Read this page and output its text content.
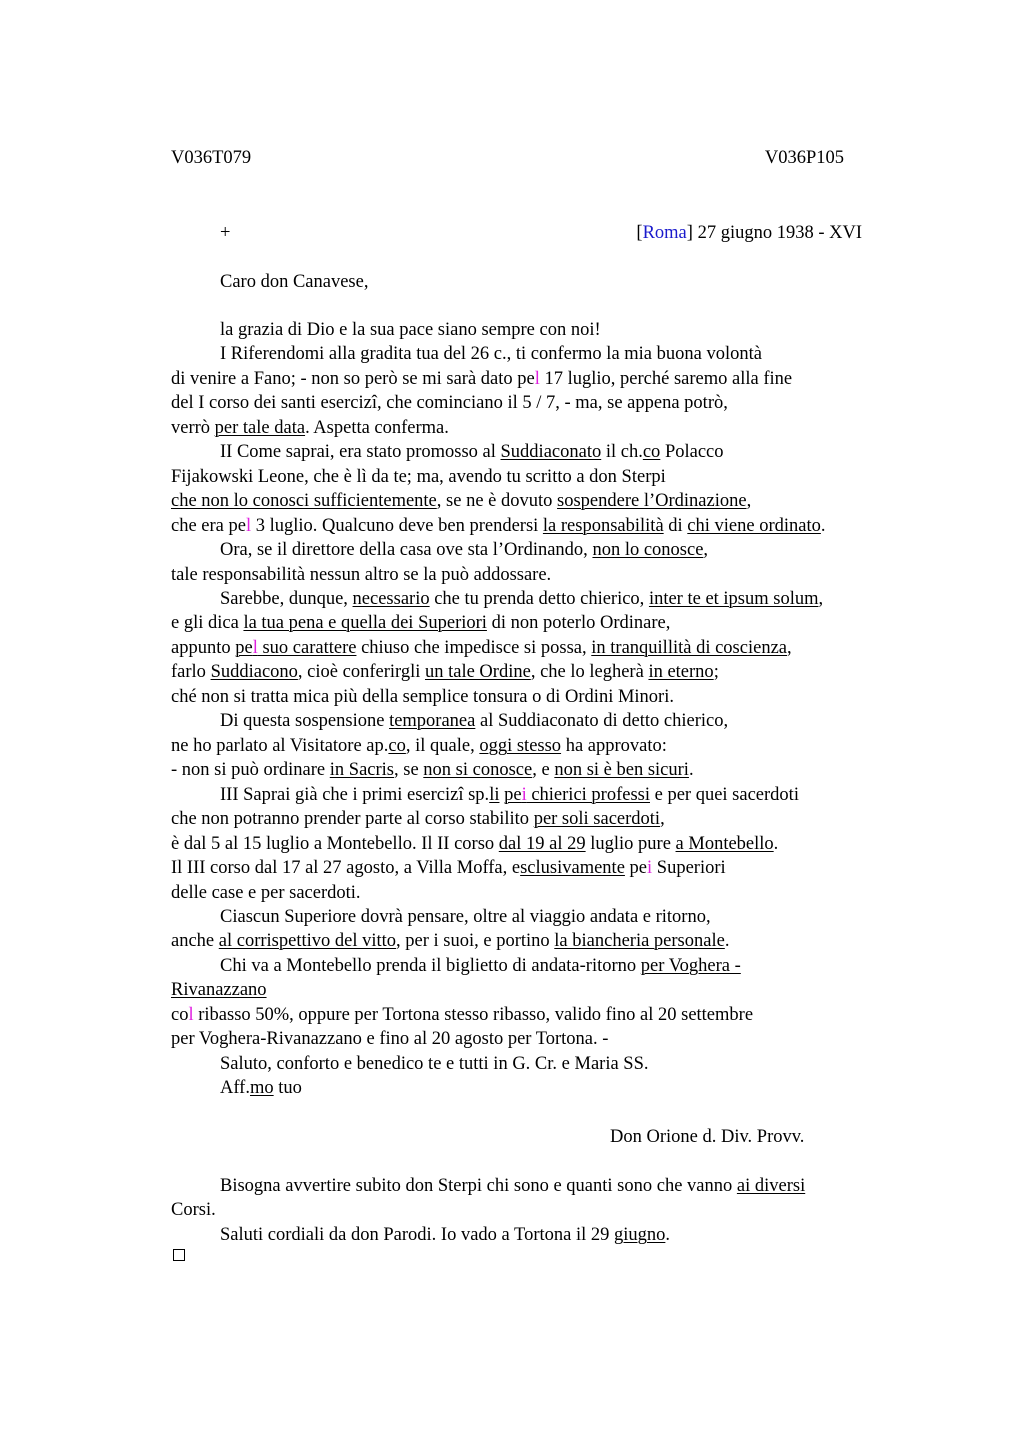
V036T079	V036P105
+	[Roma] 27 giugno 1938 - XVI
Caro don Canavese,
la grazia di Dio e la sua pace siano sempre con noi!
I Riferendomi alla gradita tua del 26 c., ti confermo la mia buona volontà
di venire a Fano; - non so però se mi sarà dato pel 17 luglio, perché saremo alla fine
del I corso dei santi esercizi, che cominciano il 5 / 7, - ma, se appena potrò,
verrò per tale data. Aspetta conferma.
II Come saprai, era stato promosso al Suddiaconato il ch.co Polacco
Fijakowski Leone, che è lì da te; ma, avendo tu scritto a don Sterpi
che non lo conosci sufficientemente, se ne è dovuto sospendere l’Ordinazione,
che era pel 3 luglio. Qualcuno deve ben prendersi la responsabilità di chi viene ordinato.
Ora, se il direttore della casa ove sta l’Ordinando, non lo conosce,
tale responsabilità nessun altro se la può addossare.
Sarebbe, dunque, necessario che tu prenda detto chierico, inter te et ipsum solum,
e gli dica la tua pena e quella dei Superiori di non poterlo Ordinare,
appunto pel suo carattere chiuso che impedisce si possa, in tranquillità di coscienza,
farlo Suddiacono, cioè conferirgli un tale Ordine, che lo legherà in eterno;
ché non si tratta mica più della semplice tonsura o di Ordini Minori.
Di questa sospensione temporanea al Suddiaconato di detto chierico,
ne ho parlato al Visitatore ap.co, il quale, oggi stesso ha approvato:
- non si può ordinare in Sacris, se non si conosce, e non si è ben sicuri.
III Saprai già che i primi esercizi sp.li pei chierici professi e per quei sacerdoti
che non potranno prender parte al corso stabilito per soli sacerdoti,
è dal 5 al 15 luglio a Montebello. Il II corso dal 19 al 29 luglio pure a Montebello.
Il III corso dal 17 al 27 agosto, a Villa Moffa, esclusivamente pei Superiori
delle case e per sacerdoti.
Ciascun Superiore dovrà pensare, oltre al viaggio andata e ritorno,
anche al corrispettivo del vitto, per i suoi, e portino la biancheria personale.
Chi va a Montebello prenda il biglietto di andata-ritorno per Voghera -
Rivanazzano
col ribasso 50%, oppure per Tortona stesso ribasso, valido fino al 20 settembre
per Voghera-Rivanazzano e fino al 20 agosto per Tortona. -
Saluto, conforto e benedico te e tutti in G. Cr. e Maria SS.
Aff.mo tuo
Don Orione d. Div. Provv.
Bisogna avvertire subito don Sterpi chi sono e quanti sono che vanno ai diversi
Corsi.
Saluti cordiali da don Parodi. Io vado a Tortona il 29 giugno.
